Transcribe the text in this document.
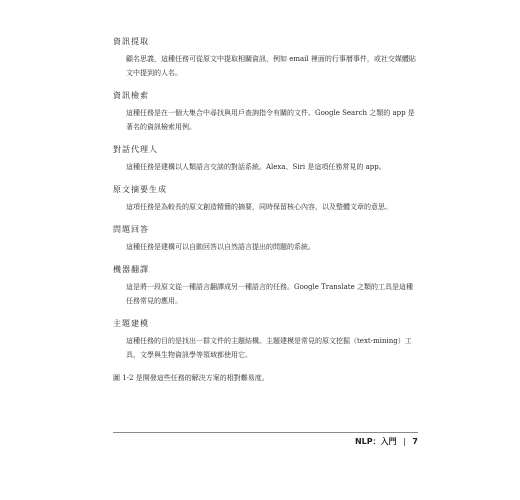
資訊提取
顧名思義，這種任務可從原文中提取相關資訊，例如 email 裡面的行事曆事件，或社交媒體貼文中提到的人名。
資訊檢索
這種任務是在一個大集合中尋找與用戶查詢指令有關的文件。Google Search 之類的 app 是著名的資訊檢索用例。
對話代理人
這種任務是建構以人類語言交談的對話系統。Alexa、Siri 是這項任務常見的 app。
原文摘要生成
這項任務是為較長的原文創造精簡的摘要，同時保留核心內容，以及整體文章的意思。
問題回答
這種任務是建構可以自動回答以自然語言提出的問題的系統。
機器翻譯
這是將一段原文從一種語言翻譯成另一種語言的任務。Google Translate 之類的工具是這種任務常見的應用。
主題建模
這種任務的目的是找出一群文件的主題結構。主題建模是常見的原文挖掘（text-mining）工具，文學與生物資訊學等領域都使用它。
圖 1-2 是開發這些任務的解決方案的相對難易度。
NLP：入門 | 7
